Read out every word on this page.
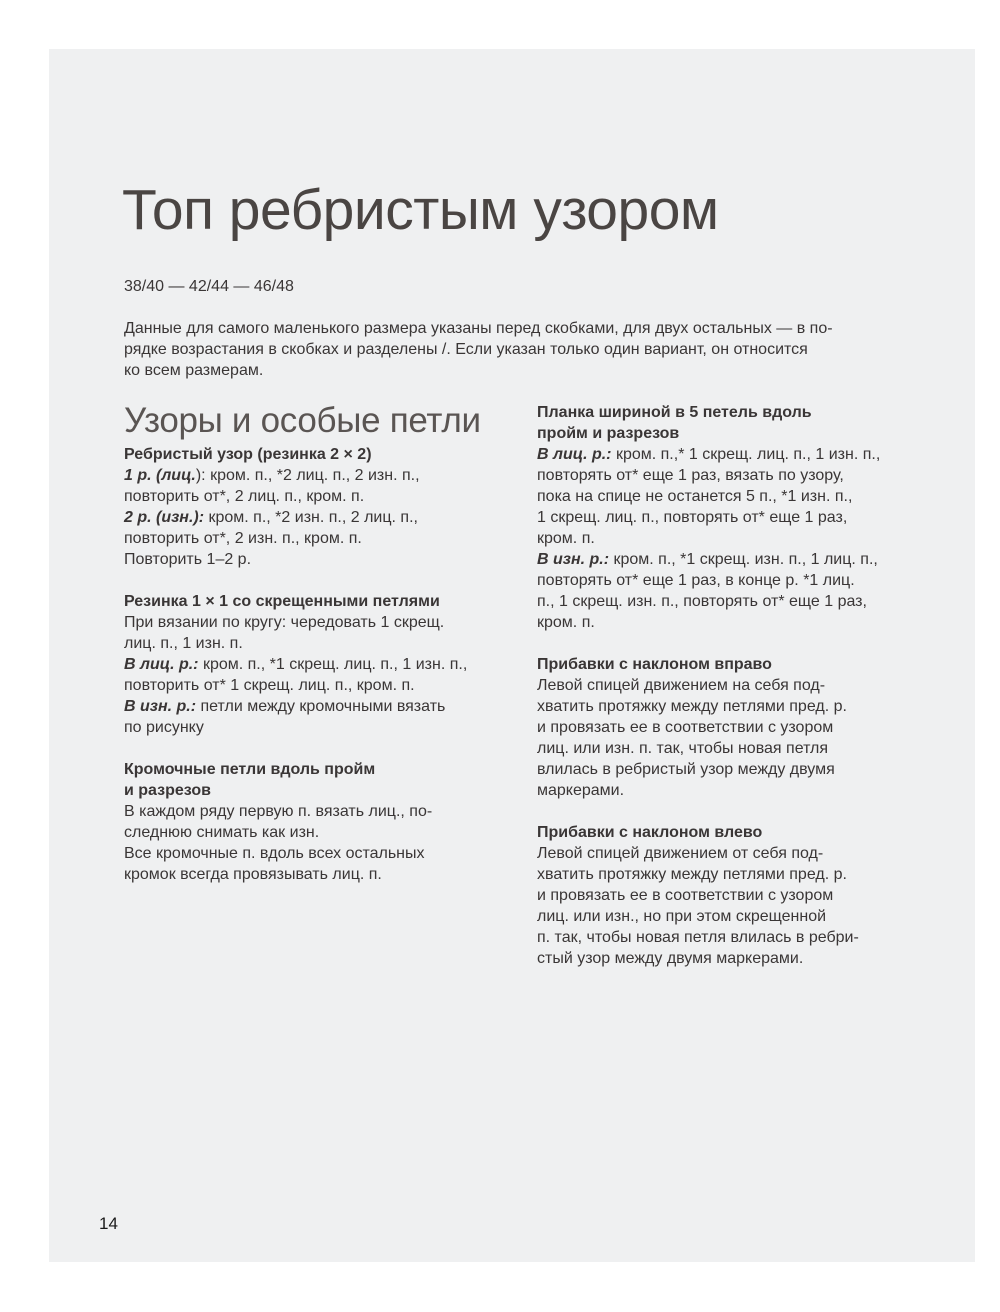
Топ ребристым узором
38/40 — 42/44 — 46/48
Данные для самого маленького размера указаны перед скобками, для двух остальных — в по-
рядке возрастания в скобках и разделены /. Если указан только один вариант, он относится
ко всем размерам.
Узоры и особые петли
Ребристый узор (резинка 2 × 2)
1 р. (лиц.): кром. п., *2 лиц. п., 2 изн. п.,
повторить от*, 2 лиц. п., кром. п.
2 р. (изн.): кром. п., *2 изн. п., 2 лиц. п.,
повторить от*, 2 изн. п., кром. п.
Повторить 1–2 р.
Резинка 1 × 1 со скрещенными петлями
При вязании по кругу: чередовать 1 скрещ.
лиц. п., 1 изн. п.
В лиц. р.: кром. п., *1 скрещ. лиц. п., 1 изн. п.,
повторить от* 1 скрещ. лиц. п., кром. п.
В изн. р.: петли между кромочными вязать
по рисунку
Кромочные петли вдоль пройм
и разрезов
В каждом ряду первую п. вязать лиц., по-
следнюю снимать как изн.
Все кромочные п. вдоль всех остальных
кромок всегда провязывать лиц. п.
Планка шириной в 5 петель вдоль
пройм и разрезов
В лиц. р.: кром. п.,* 1 скрещ. лиц. п., 1 изн. п.,
повторять от* еще 1 раз, вязать по узору,
пока на спице не останется 5 п., *1 изн. п.,
1 скрещ. лиц. п., повторять от* еще 1 раз,
кром. п.
В изн. р.: кром. п., *1 скрещ. изн. п., 1 лиц. п.,
повторять от* еще 1 раз, в конце р. *1 лиц.
п., 1 скрещ. изн. п., повторять от* еще 1 раз,
кром. п.
Прибавки с наклоном вправо
Левой спицей движением на себя под-
хватить протяжку между петлями пред. р.
и провязать ее в соответствии с узором
лиц. или изн. п. так, чтобы новая петля
влилась в ребристый узор между двумя
маркерами.
Прибавки с наклоном влево
Левой спицей движением от себя под-
хватить протяжку между петлями пред. р.
и провязать ее в соответствии с узором
лиц. или изн., но при этом скрещенной
п. так, чтобы новая петля влилась в ребри-
стый узор между двумя маркерами.
14
